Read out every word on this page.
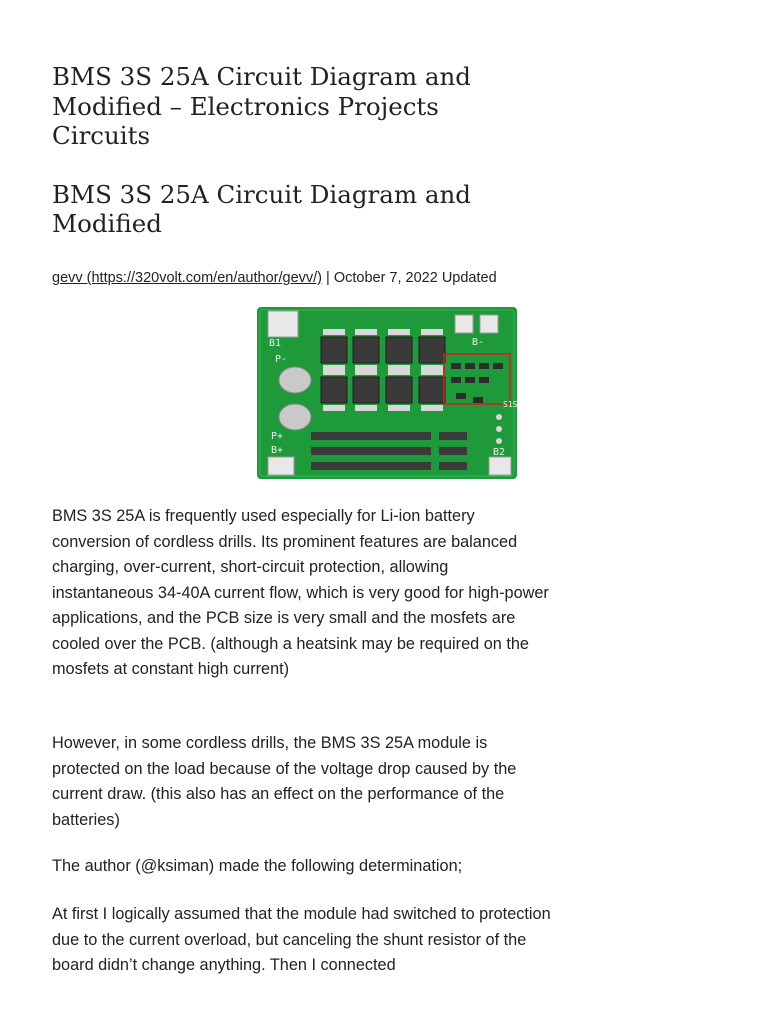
BMS 3S 25A Circuit Diagram and Modified – Electronics Projects Circuits
BMS 3S 25A Circuit Diagram and Modified
gevv (https://320volt.com/en/author/gevv/) | October 7, 2022 Updated
B-
P-
B1
P+
B+	B2
S1S

BMS 3S 25A is frequently used especially for Li-ion battery conversion of cordless drills. Its prominent features are balanced charging, over-current, short-circuit protection, allowing instantaneous 34-40A current flow, which is very good for high-power applications, and the PCB size is very small and the mosfets are cooled over the PCB. (although a heatsink may be required on the mosfets at constant high current)

However, in some cordless drills, the BMS 3S 25A module is protected on the load because of the voltage drop caused by the current draw. (this also has an effect on the performance of the batteries)

The author (@ksiman) made the following determination;

At first I logically assumed that the module had switched to protection due to the current overload, but canceling the shunt resistor of the board didn’t change anything. Then I connected
